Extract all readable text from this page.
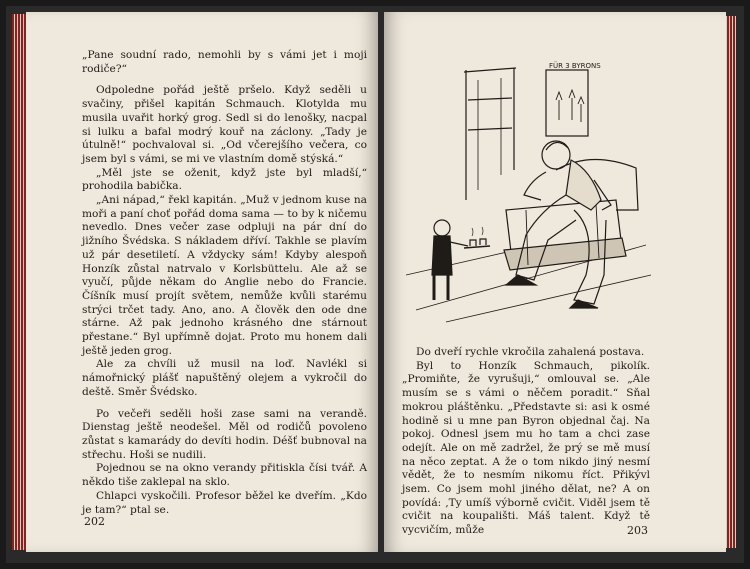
„Pane soudní rado, nemohli by s vámi jet i moji rodiče?“

Odpoledne pořád ještě pršelo. Když seděli u svačiny, přišel kapitán Schmauch. Klotylda mu musila uvařit horký grog. Sedl si do lenošky, nacpal si lulku a bafal modrý kouř na záclony. „Tady je útulně!“ pochvaloval si. „Od včerejšího večera, co jsem byl s vámi, se mi ve vlastním domě stýská.“

„Měl jste se oženit, když jste byl mladší,“ prohodila babička.

„Ani nápad,“ řekl kapitán. „Muž v jednom kuse na moři a paní choť pořád doma sama — to by k ničemu nevedlo. Dnes večer zase odpluji na pár dní do jižního Švédska. S nákladem dříví. Takhle se plavím už pár desetiletí. A vždycky sám! Kdyby alespoň Honzík zůstal natrvalo v Korlsbüttelu. Ale až se vyučí, půjde někam do Anglie nebo do Francie. Číšník musí projít světem, nemůže kvůli starému strýci trčet tady. Ano, ano. A člověk den ode dne stárne. Až pak jednoho krásného dne stárnout přestane.“ Byl upřímně dojat. Proto mu honem dali ještě jeden grog.

Ale za chvíli už musil na loď. Navlékl si námořnický plášť napuštěný olejem a vykročil do deště. Směr Švédsko.

Po večeři seděli hoši zase sami na verandě. Dienstag ještě neodešel. Měl od rodičů povoleno zůstat s kamarády do devíti hodin. Déšť bubnoval na střechu. Hoši se nudili.

Pojednou se na okno verandy přitiskla čísi tvář. A někdo tiše zaklepal na sklo.

Chlapci vyskočili. Profesor běžel ke dveřím. „Kdo je tam?“ ptal se.

202
FÜR 3 BYRONS

Do dveří rychle vkročila zahalená postava.

Byl to Honzík Schmauch, pikolík. „Promiňte, že vyrušuji,“ omlouval se. „Ale musím se s vámi o něčem poradit.“ Sňal mokrou pláštěnku. „Představte si: asi k osmé hodině si u mne pan Byron objednal čaj. Na pokoj. Odnesl jsem mu ho tam a chci zase odejít. Ale on mě zadržel, že prý se mě musí na něco zeptat. A že o tom nikdo jiný nesmí vědět, že to nesmím nikomu říct. Přikývl jsem. Co jsem mohl jiného dělat, ne? A on povídá: ‚Ty umíš výborně cvičit. Viděl jsem tě cvičit na koupališti. Máš talent. Když tě vycvičím, může	203
